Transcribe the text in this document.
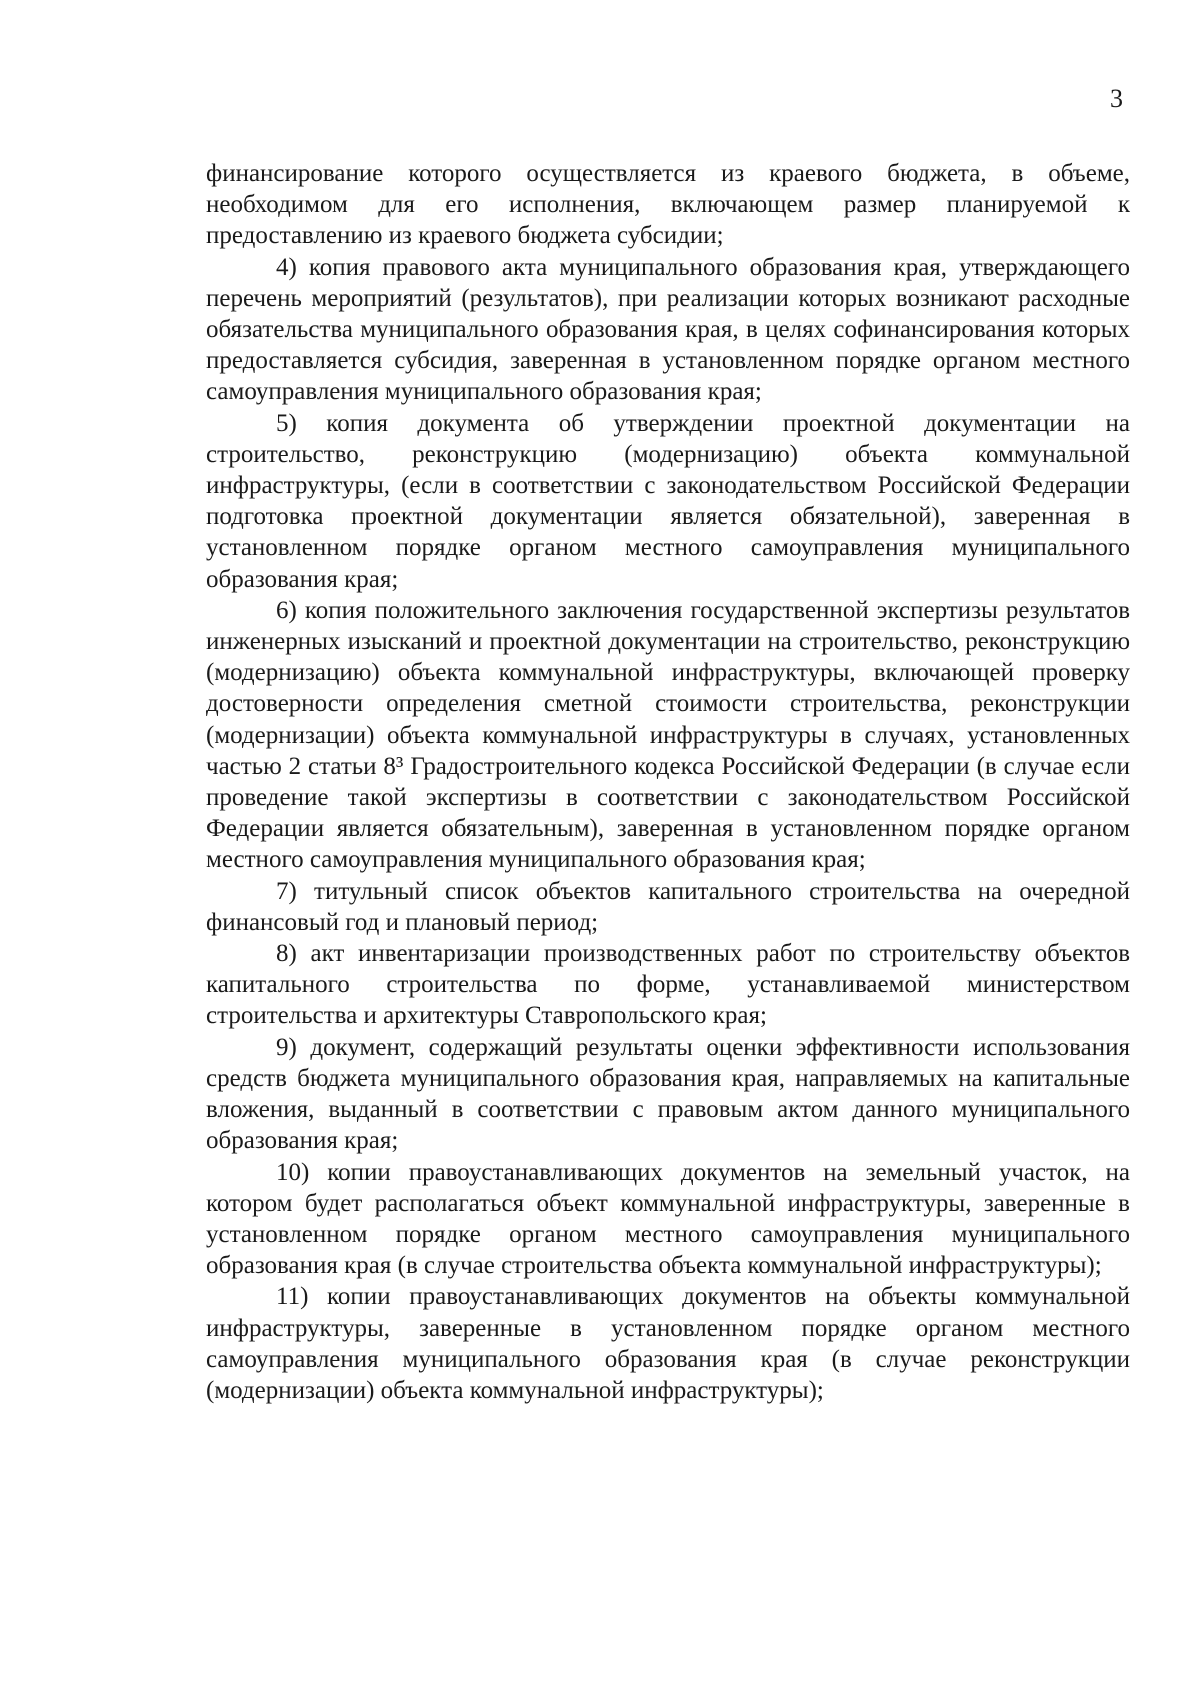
3

финансирование которого осуществляется из краевого бюджета, в объеме, необходимом для его исполнения, включающем размер планируемой к предоставлению из краевого бюджета субсидии;

4) копия правового акта муниципального образования края, утверждающего перечень мероприятий (результатов), при реализации которых возникают расходные обязательства муниципального образования края, в целях софинансирования которых предоставляется субсидия, заверенная в установленном порядке органом местного самоуправления муниципального образования края;

5) копия документа об утверждении проектной документации на строительство, реконструкцию (модернизацию) объекта коммунальной инфраструктуры, (если в соответствии с законодательством Российской Федерации подготовка проектной документации является обязательной), заверенная в установленном порядке органом местного самоуправления муниципального образования края;

6) копия положительного заключения государственной экспертизы результатов инженерных изысканий и проектной документации на строительство, реконструкцию (модернизацию) объекта коммунальной инфраструктуры, включающей проверку достоверности определения сметной стоимости строительства, реконструкции (модернизации) объекта коммунальной инфраструктуры в случаях, установленных частью 2 статьи 8³ Градостроительного кодекса Российской Федерации (в случае если проведение такой экспертизы в соответствии с законодательством Российской Федерации является обязательным), заверенная в установленном порядке органом местного самоуправления муниципального образования края;

7) титульный список объектов капитального строительства на очередной финансовый год и плановый период;

8) акт инвентаризации производственных работ по строительству объектов капитального строительства по форме, устанавливаемой министерством строительства и архитектуры Ставропольского края;

9) документ, содержащий результаты оценки эффективности использования средств бюджета муниципального образования края, направляемых на капитальные вложения, выданный в соответствии с правовым актом данного муниципального образования края;

10) копии правоустанавливающих документов на земельный участок, на котором будет располагаться объект коммунальной инфраструктуры, заверенные в установленном порядке органом местного самоуправления муниципального образования края (в случае строительства объекта коммунальной инфраструктуры);

11) копии правоустанавливающих документов на объекты коммунальной инфраструктуры, заверенные в установленном порядке органом местного самоуправления муниципального образования края (в случае реконструкции (модернизации) объекта коммунальной инфраструктуры);
